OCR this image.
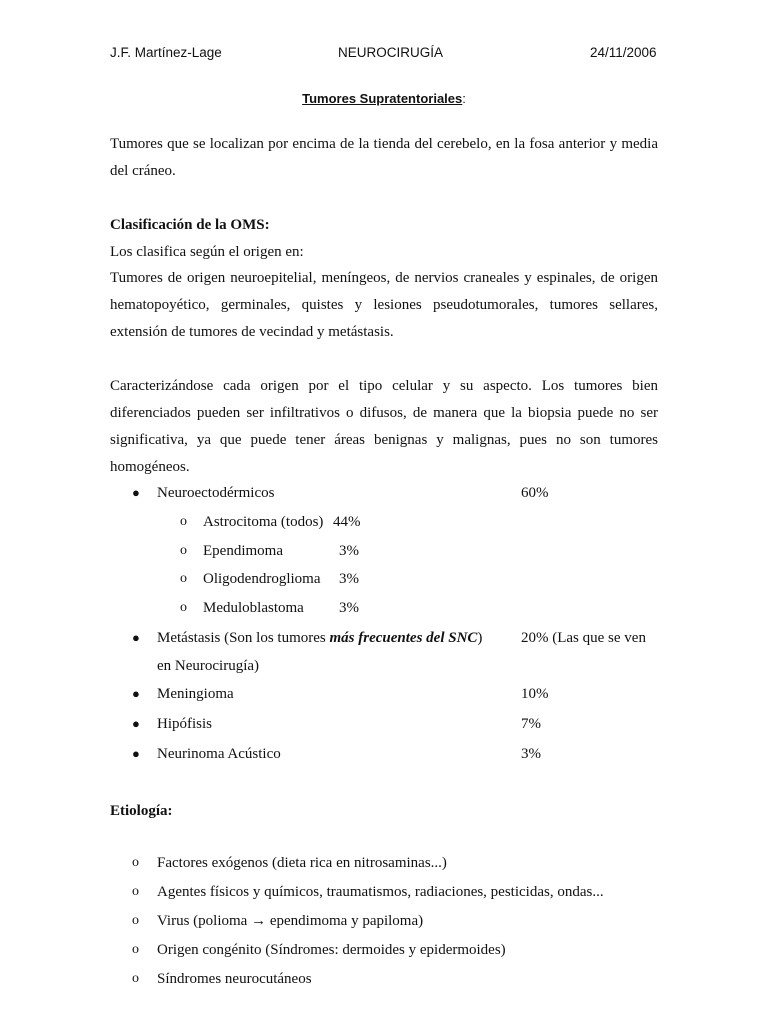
J.F. Martínez-Lage	NEUROCIRUGÍA	24/11/2006
Tumores Supratentoriales:
Tumores que se localizan por encima de la tienda del cerebelo, en la fosa anterior y media del cráneo.
Clasificación de la OMS:
Los clasifica según el origen en:
Tumores de origen neuroepitelial, meníngeos, de nervios craneales y espinales, de origen hematopoyético, germinales, quistes y lesiones pseudotumorales, tumores sellares, extensión de tumores de vecindad y metástasis.
Caracterizándose cada origen por el tipo celular y su aspecto. Los tumores bien diferenciados pueden ser infiltrativos o difusos, de manera que la biopsia puede no ser significativa, ya que puede tener áreas benignas y malignas, pues no son tumores homogéneos.
● Neuroectodérmicos	60%
o Astrocitoma (todos) 44%
o Ependimoma	3%
o Oligodendroglioma 3%
o Meduloblastoma 3%
● Metástasis (Son los tumores más frecuentes del SNC)	20% (Las que se ven
en Neurocirugía)
● Meningioma	10%
● Hipófisis	7%
● Neurinoma Acústico	3%
Etiología:
o Factores exógenos (dieta rica en nitrosaminas...)
o Agentes físicos y químicos, traumatismos, radiaciones, pesticidas, ondas...
o Virus (polioma → ependimoma y papiloma)
o Origen congénito (Síndromes: dermoides y epidermoides)
o Síndromes neurocutáneos
